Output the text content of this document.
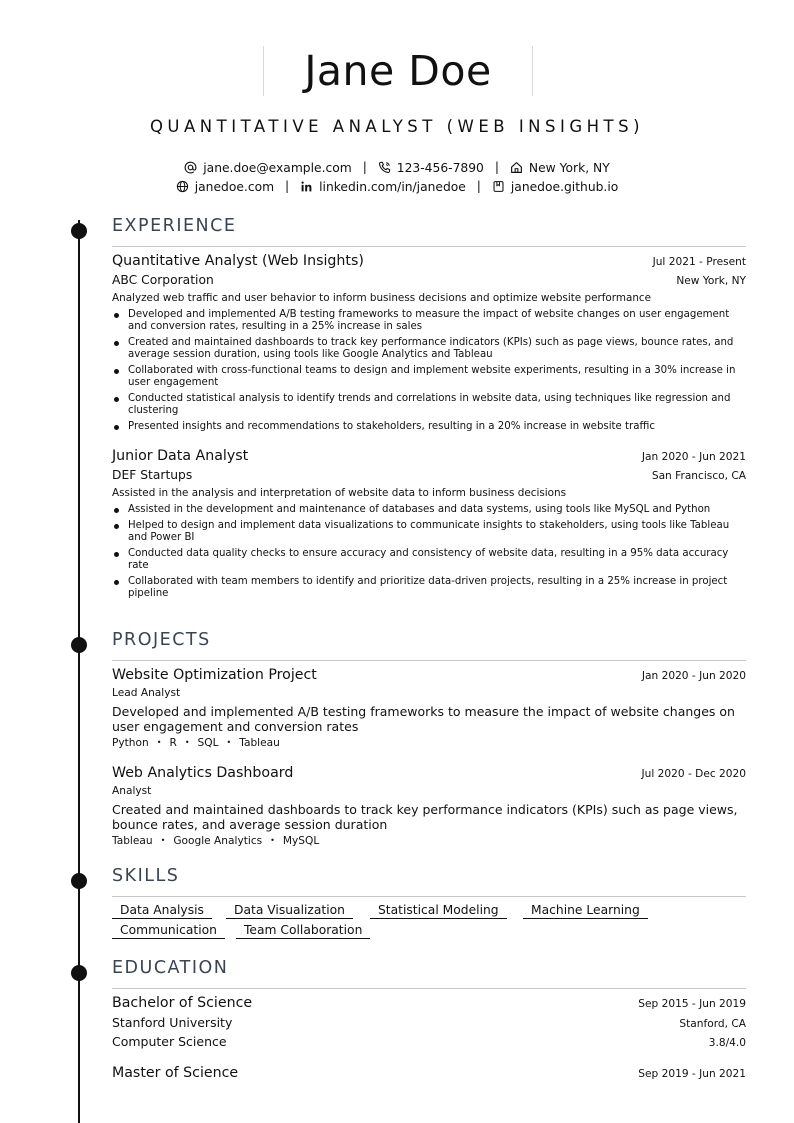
Jane Doe
QUANTITATIVE ANALYST (WEB INSIGHTS)
jane.doe@example.com | 123-456-7890 | New York, NY
janedoe.com | linkedin.com/in/janedoe | janedoe.github.io
EXPERIENCE
Quantitative Analyst (Web Insights)	Jul 2021 - Present
ABC Corporation	New York, NY
Analyzed web traffic and user behavior to inform business decisions and optimize website performance
Developed and implemented A/B testing frameworks to measure the impact of website changes on user engagement and conversion rates, resulting in a 25% increase in sales
Created and maintained dashboards to track key performance indicators (KPIs) such as page views, bounce rates, and average session duration, using tools like Google Analytics and Tableau
Collaborated with cross-functional teams to design and implement website experiments, resulting in a 30% increase in user engagement
Conducted statistical analysis to identify trends and correlations in website data, using techniques like regression and clustering
Presented insights and recommendations to stakeholders, resulting in a 20% increase in website traffic
Junior Data Analyst	Jan 2020 - Jun 2021
DEF Startups	San Francisco, CA
Assisted in the analysis and interpretation of website data to inform business decisions
Assisted in the development and maintenance of databases and data systems, using tools like MySQL and Python
Helped to design and implement data visualizations to communicate insights to stakeholders, using tools like Tableau and Power BI
Conducted data quality checks to ensure accuracy and consistency of website data, resulting in a 95% data accuracy rate
Collaborated with team members to identify and prioritize data-driven projects, resulting in a 25% increase in project pipeline
PROJECTS
Website Optimization Project	Jan 2020 - Jun 2020
Lead Analyst
Developed and implemented A/B testing frameworks to measure the impact of website changes on user engagement and conversion rates
Python • R • SQL • Tableau
Web Analytics Dashboard	Jul 2020 - Dec 2020
Analyst
Created and maintained dashboards to track key performance indicators (KPIs) such as page views, bounce rates, and average session duration
Tableau • Google Analytics • MySQL
SKILLS
Data Analysis	Data Visualization	Statistical Modeling	Machine Learning
Communication	Team Collaboration
EDUCATION
Bachelor of Science	Sep 2015 - Jun 2019
Stanford University	Stanford, CA
Computer Science	3.8/4.0
Master of Science	Sep 2019 - Jun 2021
